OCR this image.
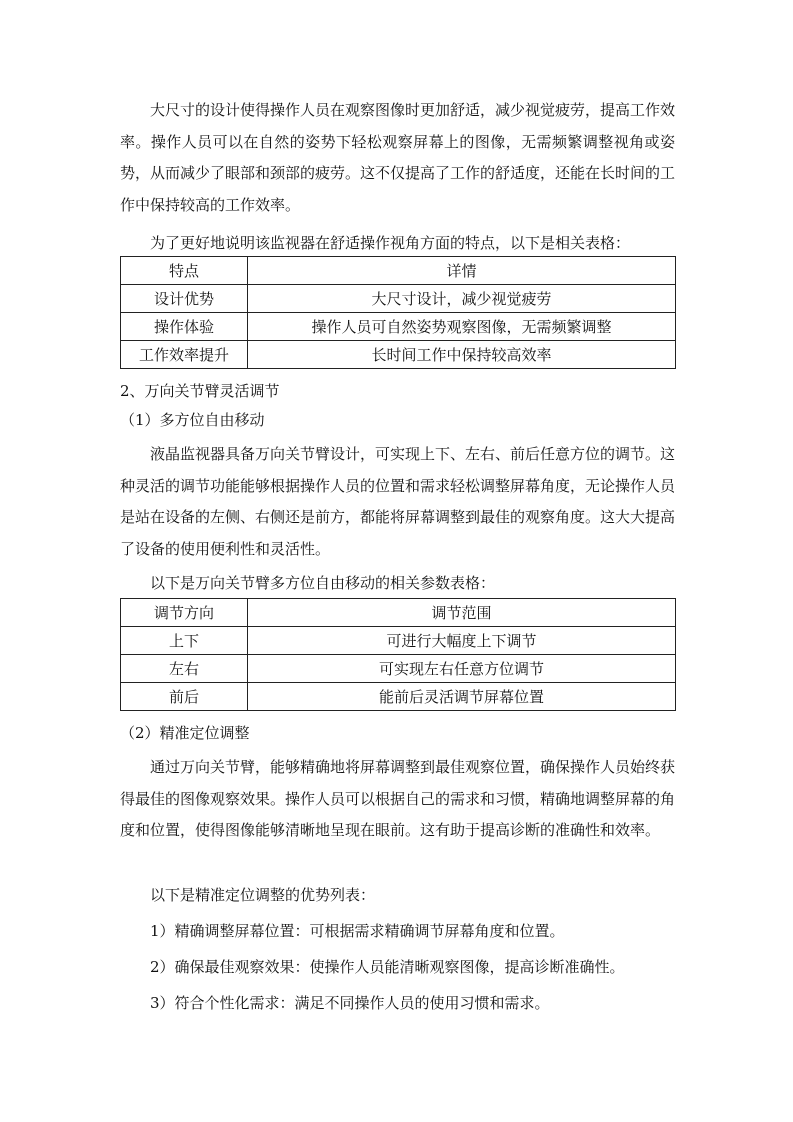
大尺寸的设计使得操作人员在观察图像时更加舒适，减少视觉疲劳，提高工作效率。操作人员可以在自然的姿势下轻松观察屏幕上的图像，无需频繁调整视角或姿势，从而减少了眼部和颈部的疲劳。这不仅提高了工作的舒适度，还能在长时间的工作中保持较高的工作效率。

为了更好地说明该监视器在舒适操作视角方面的特点，以下是相关表格：

特点	详情
设计优势	大尺寸设计，减少视觉疲劳
操作体验	操作人员可自然姿势观察图像，无需频繁调整
工作效率提升	长时间工作中保持较高效率

2、万向关节臂灵活调节

（1）多方位自由移动

液晶监视器具备万向关节臂设计，可实现上下、左右、前后任意方位的调节。这种灵活的调节功能能够根据操作人员的位置和需求轻松调整屏幕角度，无论操作人员是站在设备的左侧、右侧还是前方，都能将屏幕调整到最佳的观察角度。这大大提高了设备的使用便利性和灵活性。

以下是万向关节臂多方位自由移动的相关参数表格：

调节方向	调节范围
上下	可进行大幅度上下调节
左右	可实现左右任意方位调节
前后	能前后灵活调节屏幕位置

（2）精准定位调整

通过万向关节臂，能够精确地将屏幕调整到最佳观察位置，确保操作人员始终获得最佳的图像观察效果。操作人员可以根据自己的需求和习惯，精确地调整屏幕的角度和位置，使得图像能够清晰地呈现在眼前。这有助于提高诊断的准确性和效率。

以下是精准定位调整的优势列表：

1）精确调整屏幕位置：可根据需求精确调节屏幕角度和位置。

2）确保最佳观察效果：使操作人员能清晰观察图像，提高诊断准确性。

3）符合个性化需求：满足不同操作人员的使用习惯和需求。
